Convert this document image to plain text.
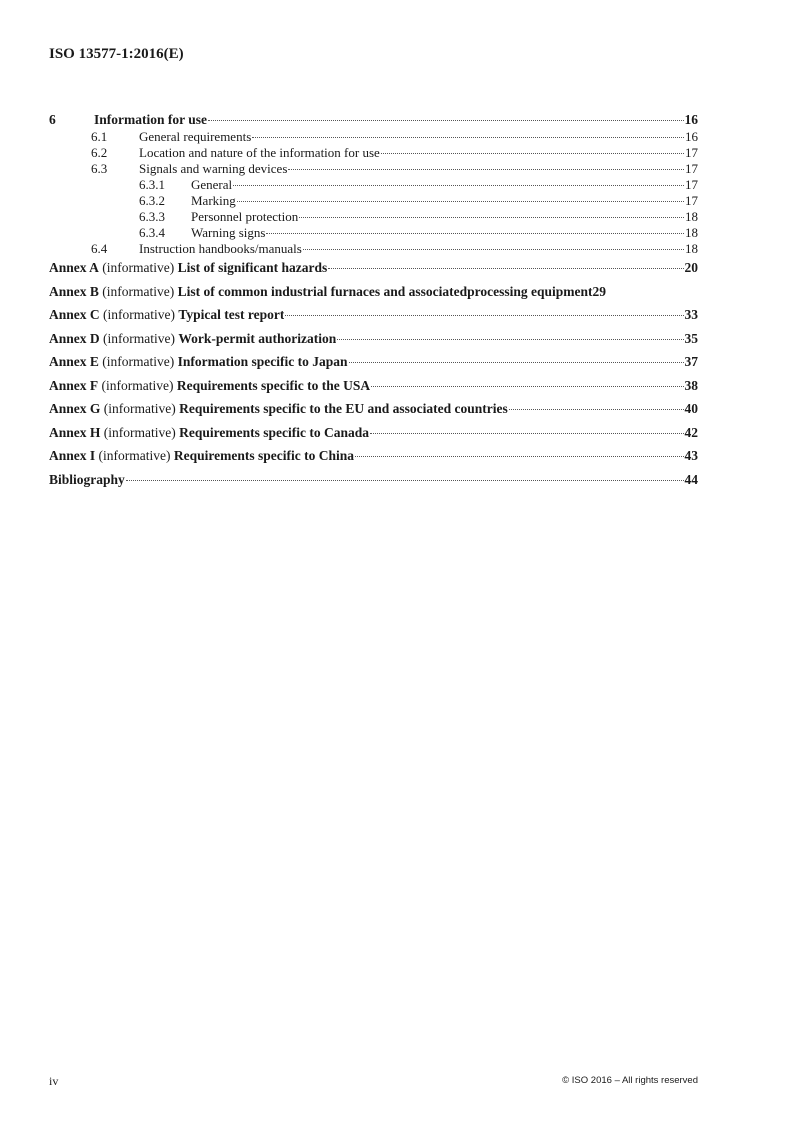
ISO 13577-1:2016(E)
6	Information for use	16
6.1	General requirements	16
6.2	Location and nature of the information for use	17
6.3	Signals and warning devices	17
6.3.1	General	17
6.3.2	Marking	17
6.3.3	Personnel protection	18
6.3.4	Warning signs	18
6.4	Instruction handbooks/manuals	18
Annex A (informative) List of significant hazards	20
Annex B (informative) List of common industrial furnaces and associatedprocessing equipment 29
Annex C (informative) Typical test report	33
Annex D (informative) Work-permit authorization	35
Annex E (informative) Information specific to Japan	37
Annex F (informative) Requirements specific to the USA	38
Annex G (informative) Requirements specific to the EU and associated countries	40
Annex H (informative) Requirements specific to Canada	42
Annex I (informative) Requirements specific to China	43
Bibliography	44
iv	© ISO 2016 – All rights reserved
